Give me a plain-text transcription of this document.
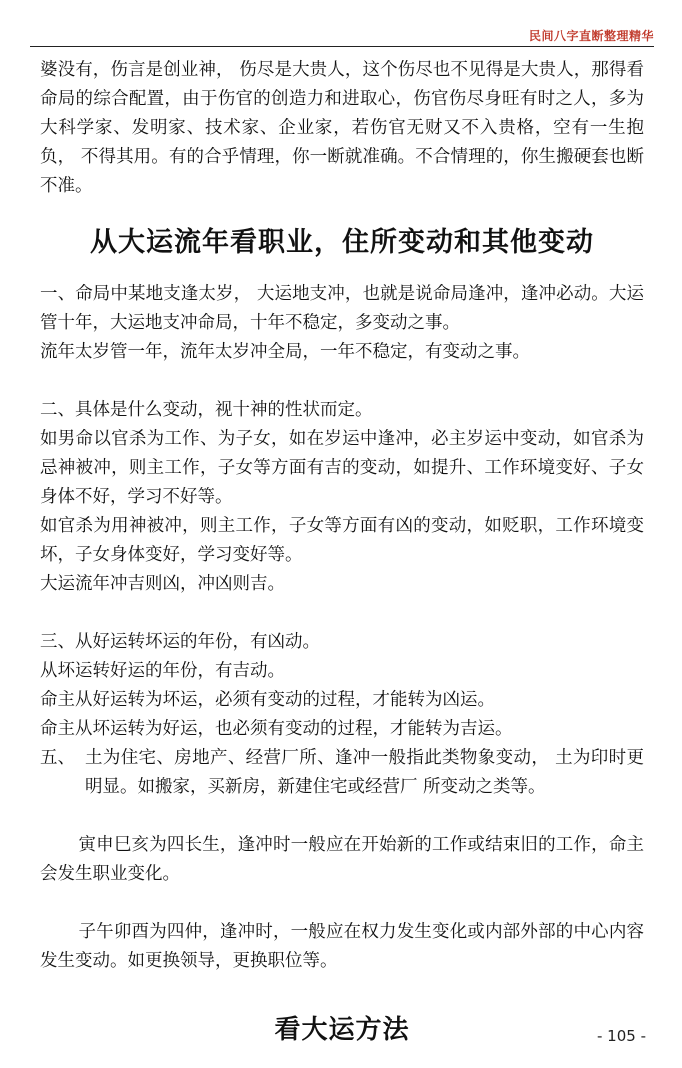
民间八字直断整理精华

婆没有，伤言是创业神， 伤尽是大贵人，这个伤尽也不见得是大贵人，那得看命局的综合配置，由于伤官的创造力和进取心，伤官伤尽身旺有时之人，多为大科学家、发明家、技术家、企业家，若伤官无财又不入贵格，空有一生抱负， 不得其用。有的合乎情理，你一断就准确。不合情理的，你生搬硬套也断不准。

从大运流年看职业，住所变动和其他变动

一、命局中某地支逢太岁， 大运地支冲，也就是说命局逢冲，逢冲必动。大运管十年，大运地支冲命局，十年不稳定，多变动之事。

流年太岁管一年，流年太岁冲全局，一年不稳定，有变动之事。

二、具体是什么变动，视十神的性状而定。

如男命以官杀为工作、为子女，如在岁运中逢冲，必主岁运中变动，如官杀为忌神被冲，则主工作，子女等方面有吉的变动，如提升、工作环境变好、子女身体不好，学习不好等。

如官杀为用神被冲，则主工作，子女等方面有凶的变动，如贬职，工作环境变坏，子女身体变好，学习变好等。

大运流年冲吉则凶，冲凶则吉。

三、从好运转坏运的年份，有凶动。

从坏运转好运的年份，有吉动。

命主从好运转为坏运，必须有变动的过程，才能转为凶运。

命主从坏运转为好运，也必须有变动的过程，才能转为吉运。

五、 土为住宅、房地产、经营厂所、逢冲一般指此类物象变动， 土为印时更明显。如搬家，买新房，新建住宅或经营厂 所变动之类等。

寅申巳亥为四长生，逢冲时一般应在开始新的工作或结束旧的工作，命主会发生职业变化。

子午卯酉为四仲，逢冲时，一般应在权力发生变化或内部外部的中心内容发生变动。如更换领导，更换职位等。

看大运方法	- 105 -
